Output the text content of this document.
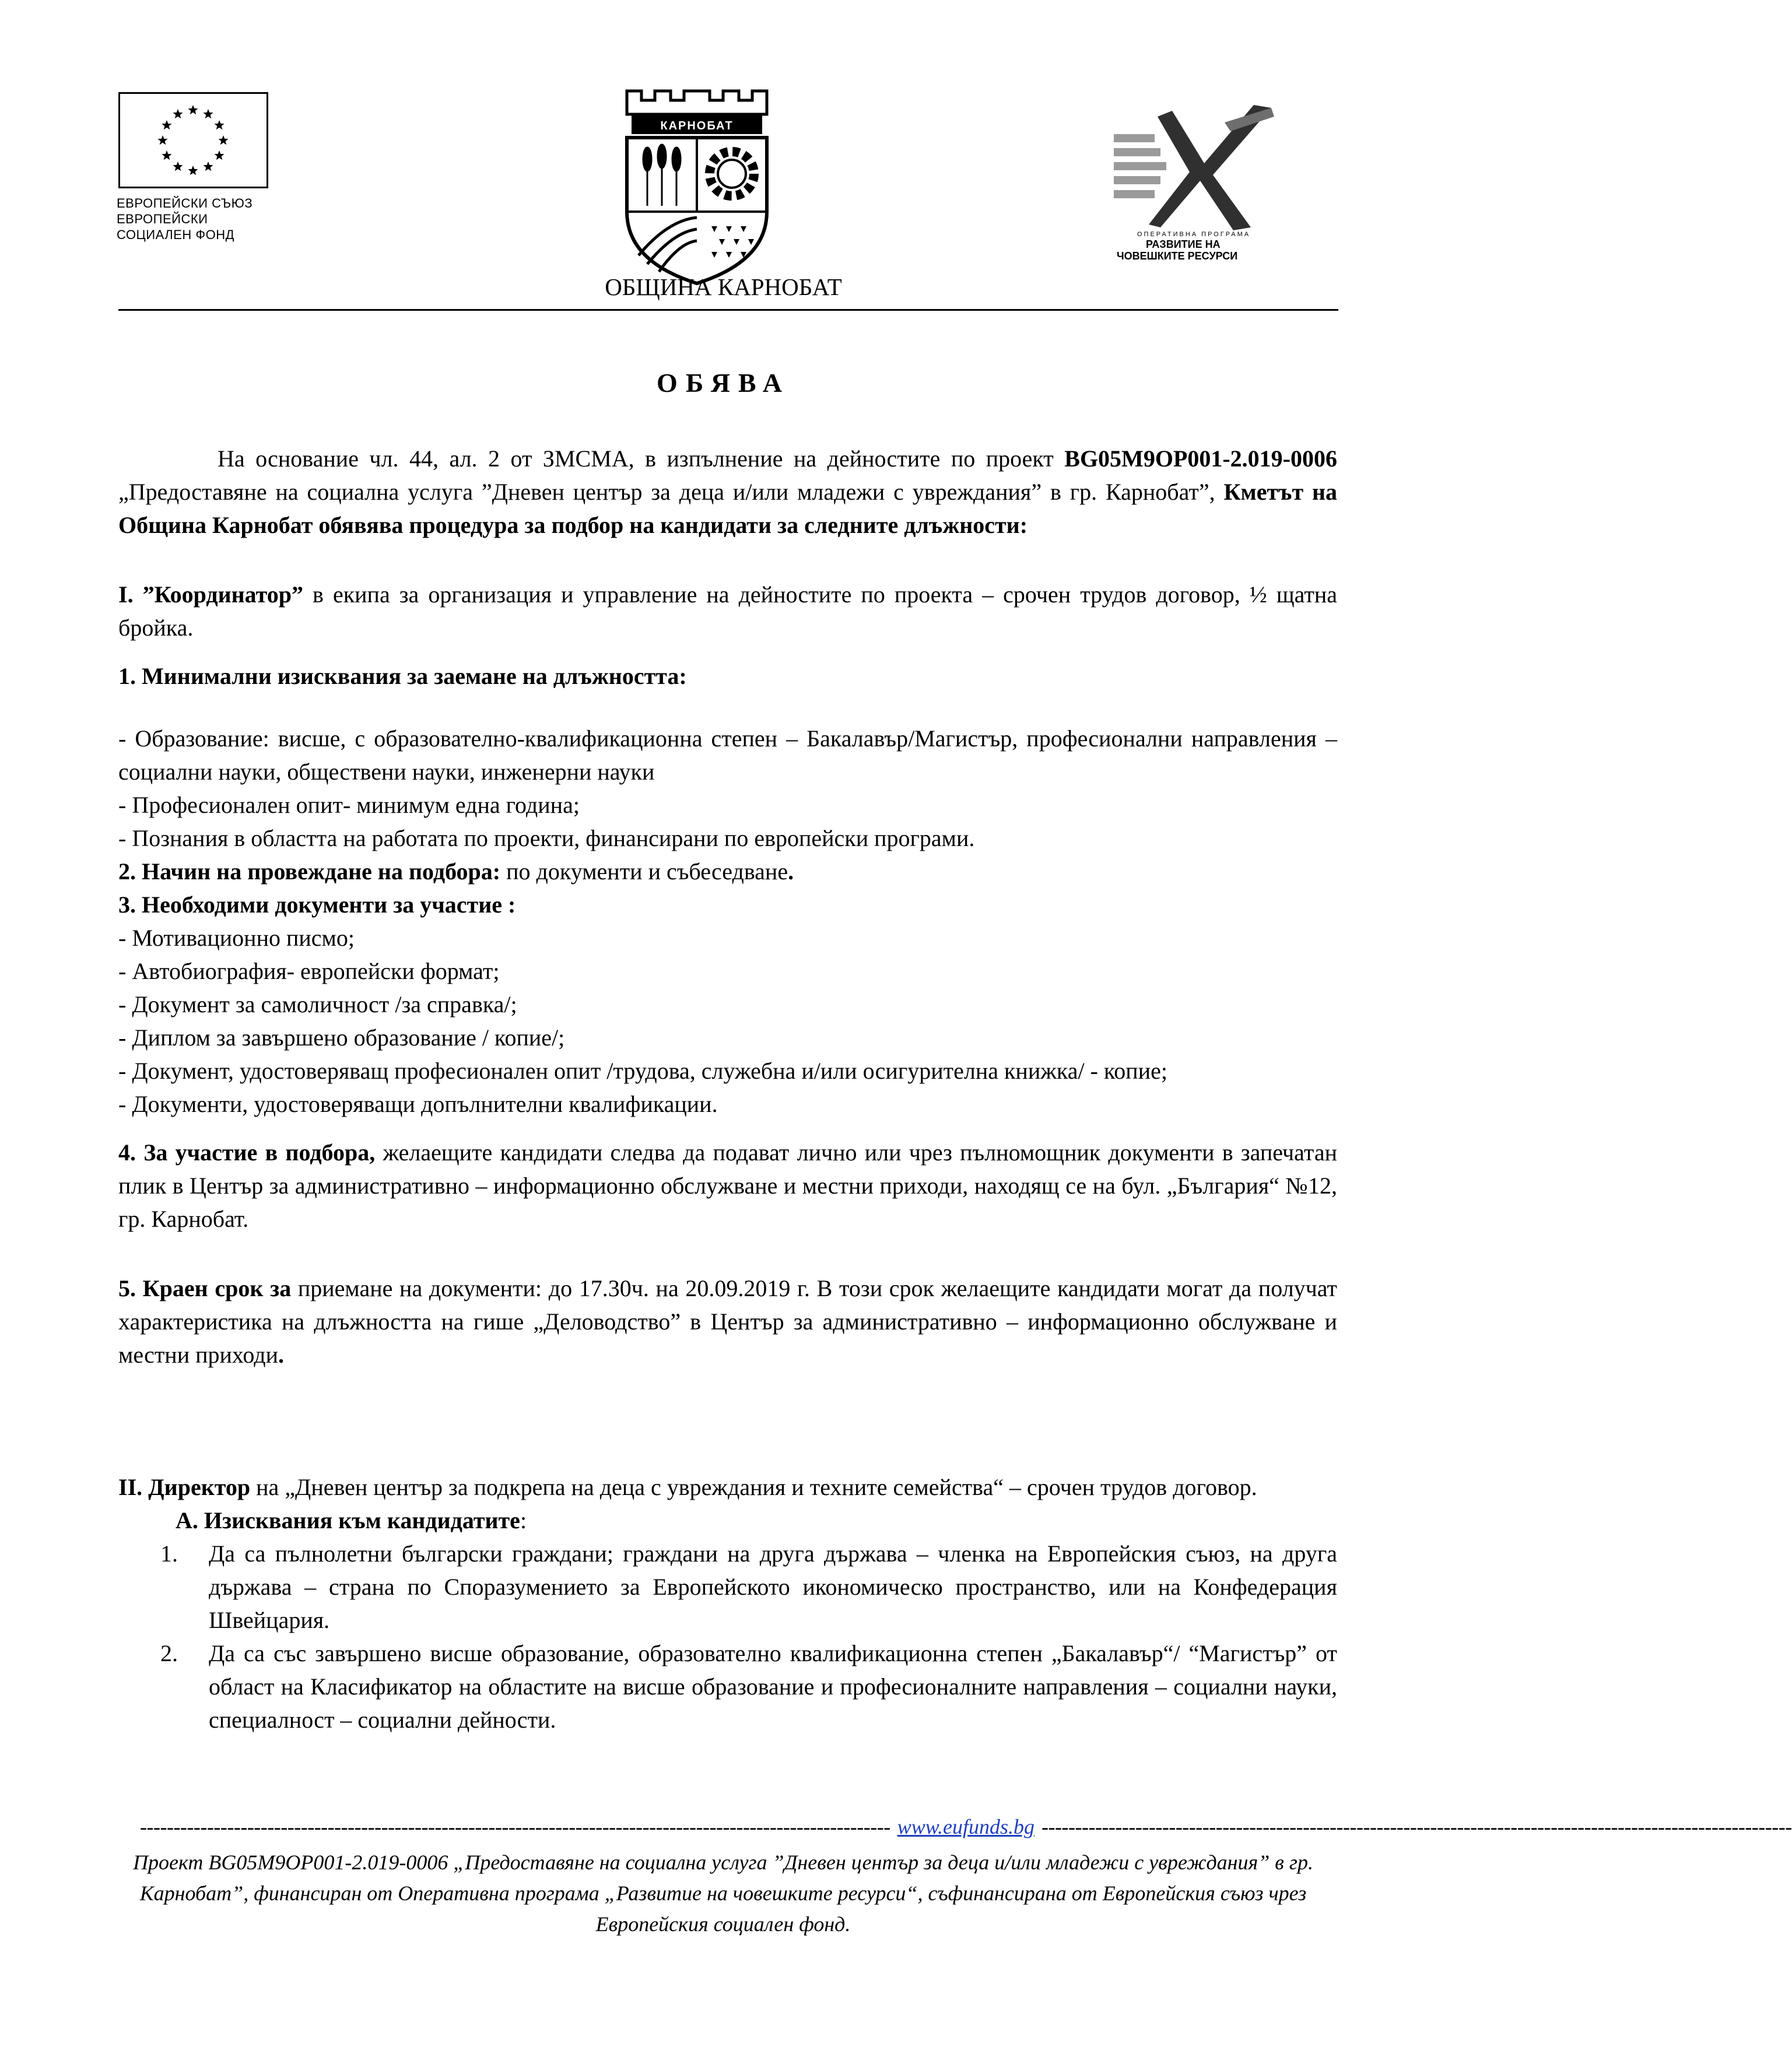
ЕВРОПЕЙСКИ СЪЮЗ
ЕВРОПЕЙСКИ
СОЦИАЛЕН ФОНД
КАРНОБАТ
ОПЕРАТИВНА ПРОГРАМА
РАЗВИТИЕ НА
ЧОВЕШКИТЕ РЕСУРСИ
ОБЩИНА КАРНОБАТ
ОБЯВА

На основание чл. 44, ал. 2 от ЗМСМА, в изпълнение на дейностите по проект BG05M9OP001-2.019-0006 „Предоставяне на социална услуга ”Дневен център за деца и/или младежи с увреждания” в гр. Карнобат”, Кметът на Община Карнобат обявява процедура за подбор на кандидати за следните длъжности:

I. ”Координатор” в екипа за организация и управление на дейностите по проекта – срочен трудов договор, ½ щатна бройка.

1. Минимални изисквания за заемане на длъжността:

- Образование: висше, с образователно-квалификационна степен – Бакалавър/Магистър, професионални направления – социални науки, обществени науки, инженерни науки

- Професионален опит- минимум една година;

- Познания в областта на работата по проекти, финансирани по европейски програми.

2. Начин на провеждане на подбора: по документи и събеседване.

3. Необходими документи за участие :

- Мотивационно писмо;

- Автобиография- европейски формат;

- Документ за самоличност /за справка/;

- Диплом за завършено образование / копие/;

- Документ, удостоверяващ професионален опит /трудова, служебна и/или осигурителна книжка/ - копие;

- Документи, удостоверяващи допълнителни квалификации.

4. За участие в подбора, желаещите кандидати следва да подават лично или чрез пълномощник документи в запечатан плик в Център за административно – информационно обслужване и местни приходи, находящ се на бул. „България“ №12, гр. Карнобат.

5. Краен срок за приемане на документи: до 17.30ч. на 20.09.2019 г. В този срок желаещите кандидати могат да получат характеристика на длъжността на гише „Деловодство” в Център за административно – информационно обслужване и местни приходи.

II. Директор на „Дневен център за подкрепа на деца с увреждания и техните семейства“ – срочен трудов договор.

А. Изисквания към кандидатите:

1. Да са пълнолетни български граждани; граждани на друга държава – членка на Европейския съюз, на друга държава – страна по Споразумението за Европейското икономическо пространство, или на Конфедерация Швейцария.
2. Да са със завършено висше образование, образователно квалификационна степен „Бакалавър“/ “Магистър” от област на Класификатор на областите на висше образование и професионалните направления – социални науки, специалност – социални дейности.
---------------------------------------------------------------------------------------------------------------- www.eufunds.bg ----------------------------------------------------------------------------------------------------------------
Проект BG05M9OP001-2.019-0006 „Предоставяне на социална услуга ”Дневен център за деца и/или младежи с увреждания” в гр. Карнобат”, финансиран от Оперативна програма „Развитие на човешките ресурси“, съфинансирана от Европейския съюз чрез Европейския социален фонд.
